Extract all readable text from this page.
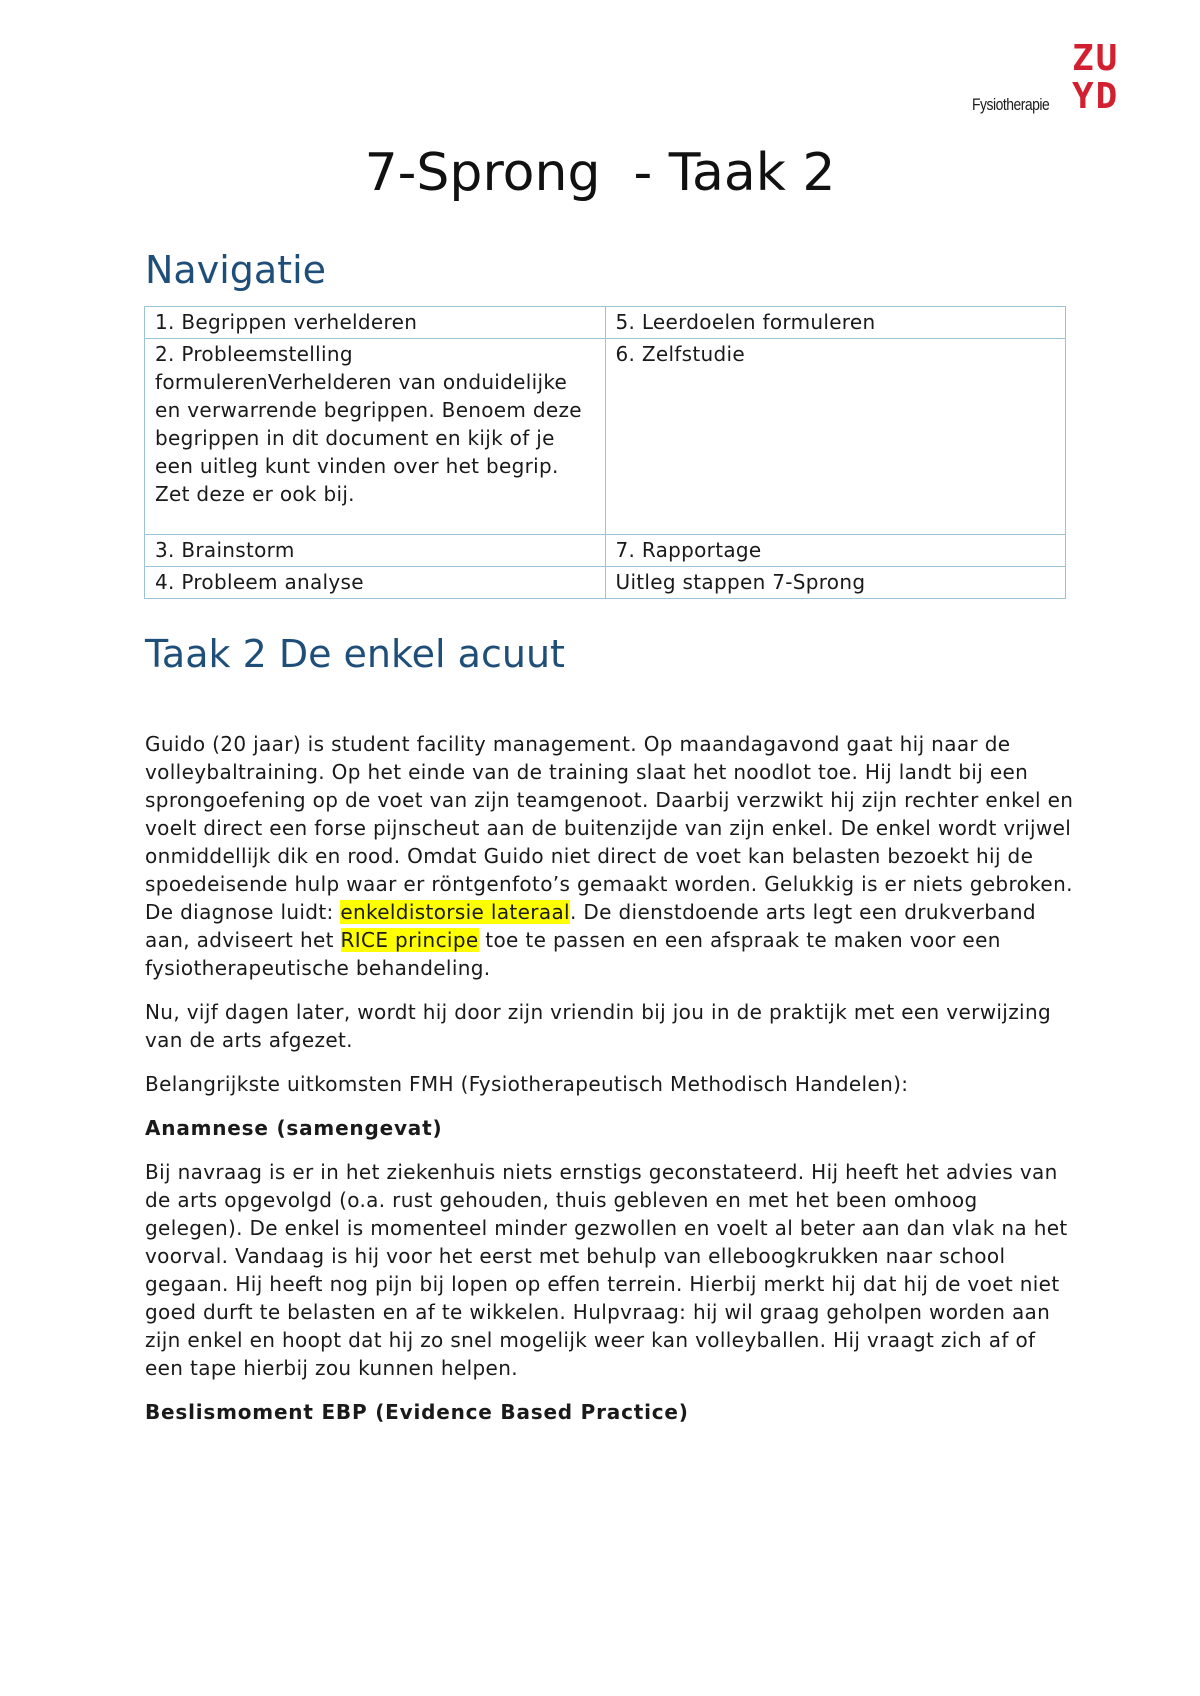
Fysiotherapie
ZU
YD
7-Sprong  - Taak 2
Navigatie
1. Begrippen verhelderen	5. Leerdoelen formuleren
2. Probleemstelling formulerenVerhelderen van onduidelijke en verwarrende begrippen. Benoem deze begrippen in dit document en kijk of je een uitleg kunt vinden over het begrip. Zet deze er ook bij.	6. Zelfstudie
3. Brainstorm	7. Rapportage
4. Probleem analyse	Uitleg stappen 7-Sprong
Taak 2 De enkel acuut

Guido (20 jaar) is student facility management. Op maandagavond gaat hij naar de volleybaltraining. Op het einde van de training slaat het noodlot toe. Hij landt bij een sprongoefening op de voet van zijn teamgenoot. Daarbij verzwikt hij zijn rechter enkel en voelt direct een forse pijnscheut aan de buitenzijde van zijn enkel. De enkel wordt vrijwel onmiddellijk dik en rood. Omdat Guido niet direct de voet kan belasten bezoekt hij de spoedeisende hulp waar er röntgenfoto’s gemaakt worden. Gelukkig is er niets gebroken. De diagnose luidt: enkeldistorsie lateraal. De dienstdoende arts legt een drukverband aan, adviseert het RICE principe toe te passen en een afspraak te maken voor een fysiotherapeutische behandeling.

Nu, vijf dagen later, wordt hij door zijn vriendin bij jou in de praktijk met een verwijzing van de arts afgezet.

Belangrijkste uitkomsten FMH (Fysiotherapeutisch Methodisch Handelen):

Anamnese (samengevat)

Bij navraag is er in het ziekenhuis niets ernstigs geconstateerd. Hij heeft het advies van de arts opgevolgd (o.a. rust gehouden, thuis gebleven en met het been omhoog gelegen). De enkel is momenteel minder gezwollen en voelt al beter aan dan vlak na het voorval. Vandaag is hij voor het eerst met behulp van elleboogkrukken naar school gegaan. Hij heeft nog pijn bij lopen op effen terrein. Hierbij merkt hij dat hij de voet niet goed durft te belasten en af te wikkelen. Hulpvraag: hij wil graag geholpen worden aan zijn enkel en hoopt dat hij zo snel mogelijk weer kan volleyballen. Hij vraagt zich af of een tape hierbij zou kunnen helpen.

Beslismoment EBP (Evidence Based Practice)
